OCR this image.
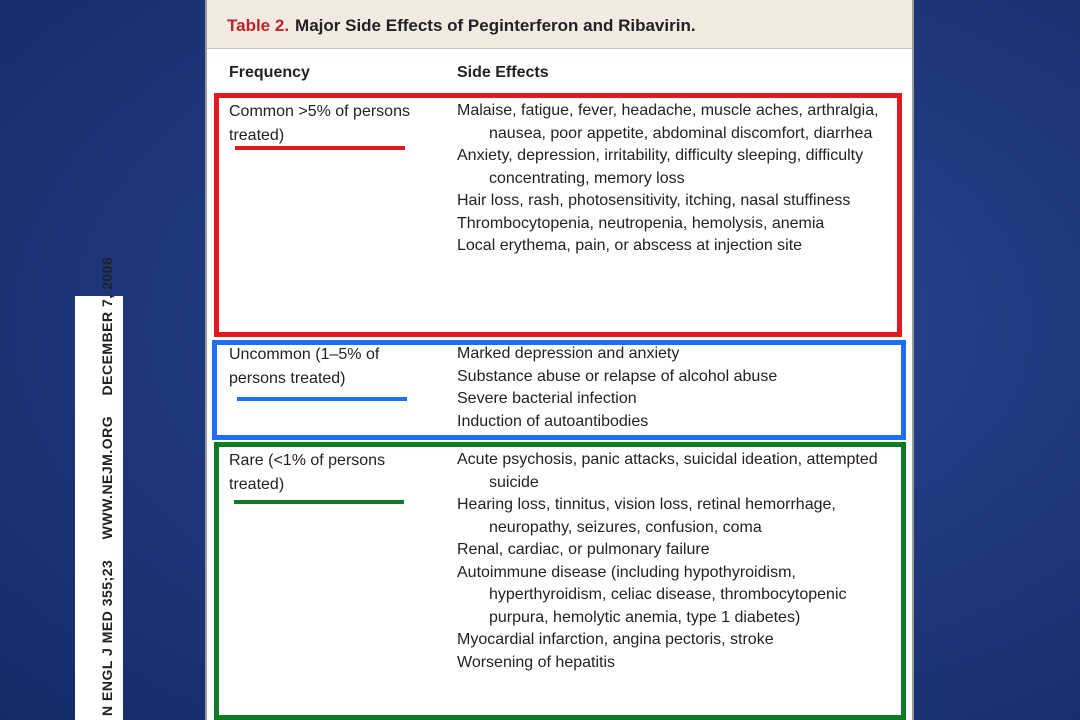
N ENGL J MED 355;23 WWW.NEJM.ORG DECEMBER 7, 2006
Table 2. Major Side Effects of Peginterferon and Ribavirin.
Frequency	Side Effects
Common >5% of persons treated)
Malaise, fatigue, fever, headache, muscle aches, arthralgia, nausea, poor appetite, abdominal discomfort, diarrhea
Anxiety, depression, irritability, difficulty sleeping, difficulty concentrating, memory loss
Hair loss, rash, photosensitivity, itching, nasal stuffiness
Thrombocytopenia, neutropenia, hemolysis, anemia
Local erythema, pain, or abscess at injection site
Uncommon (1–5% of persons treated)
Marked depression and anxiety
Substance abuse or relapse of alcohol abuse
Severe bacterial infection
Induction of autoantibodies
Rare (<1% of persons treated)
Acute psychosis, panic attacks, suicidal ideation, attempted suicide
Hearing loss, tinnitus, vision loss, retinal hemorrhage, neuropathy, seizures, confusion, coma
Renal, cardiac, or pulmonary failure
Autoimmune disease (including hypothyroidism, hyperthyroidism, celiac disease, thrombocytopenic purpura, hemolytic anemia, type 1 diabetes)
Myocardial infarction, angina pectoris, stroke
Worsening of hepatitis
